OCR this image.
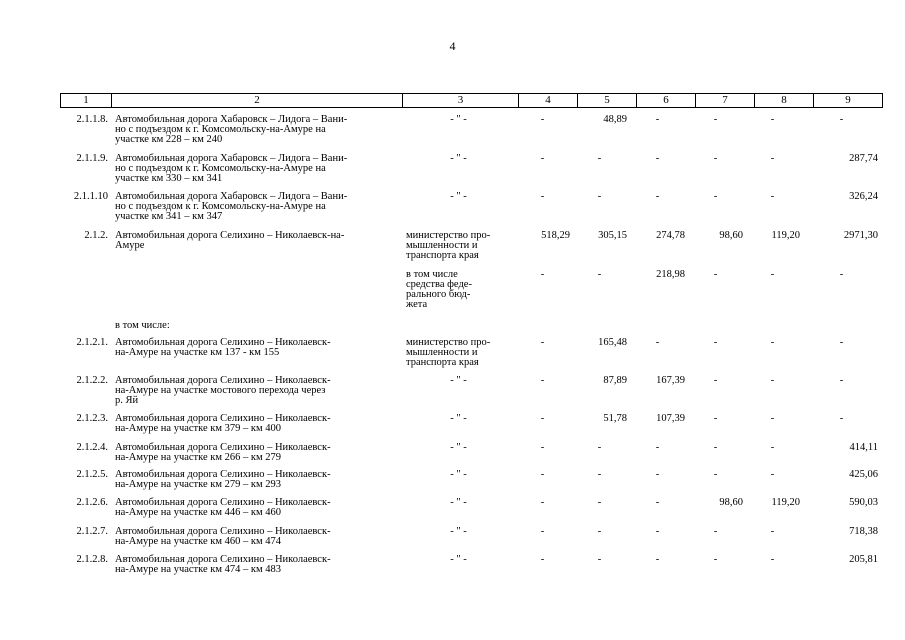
4
1	2	3	4	5	6	7	8	9
2.1.1.8. Автомобильная дорога Хабаровск – Лидога – Вани-
но с подъездом к г. Комсомольску-на-Амуре на
участке км 228 – км 240
- " -	-	48,89	-	-	-	-
2.1.1.9. Автомобильная дорога Хабаровск – Лидога – Вани-
но с подъездом к г. Комсомольску-на-Амуре на
участке км 330 – км 341
- " -	-	-	-	-	-	287,74
2.1.1.10 Автомобильная дорога Хабаровск – Лидога – Вани-
но с подъездом к г. Комсомольску-на-Амуре на
участке км 341 – км 347
- " -	-	-	-	-	-	326,24
2.1.2. Автомобильная дорога Селихино – Николаевск-на-
Амуре
министерство про-
мышленности и
транспорта края
518,29	305,15	274,78	98,60	119,20	2971,30
в том числе
средства феде-
рального бюд-
жета
-	-	218,98	-	-	-
в том числе:
2.1.2.1. Автомобильная дорога Селихино – Николаевск-
на-Амуре на участке км 137 - км 155
министерство про-
мышленности и
транспорта края
-	165,48	-	-	-	-
2.1.2.2. Автомобильная дорога Селихино – Николаевск-
на-Амуре на участке мостового перехода через
р. Яй
- " -	-	87,89	167,39	-	-	-
2.1.2.3. Автомобильная дорога Селихино – Николаевск-
на-Амуре на участке км 379 – км 400
- " -	-	51,78	107,39	-	-	-
2.1.2.4. Автомобильная дорога Селихино – Николаевск-
на-Амуре на участке км 266 – км 279
- " -	-	-	-	-	-	414,11
2.1.2.5. Автомобильная дорога Селихино – Николаевск-
на-Амуре на участке км 279 – км 293
- " -	-	-	-	-	-	425,06
2.1.2.6. Автомобильная дорога Селихино – Николаевск-
на-Амуре на участке км 446 – км 460
- " -	-	-	-	98,60	119,20	590,03
2.1.2.7. Автомобильная дорога Селихино – Николаевск-
на-Амуре на участке км 460 – км 474
- " -	-	-	-	-	-	718,38
2.1.2.8. Автомобильная дорога Селихино – Николаевск-
на-Амуре на участке км 474 – км 483
- " -	-	-	-	-	-	205,81
